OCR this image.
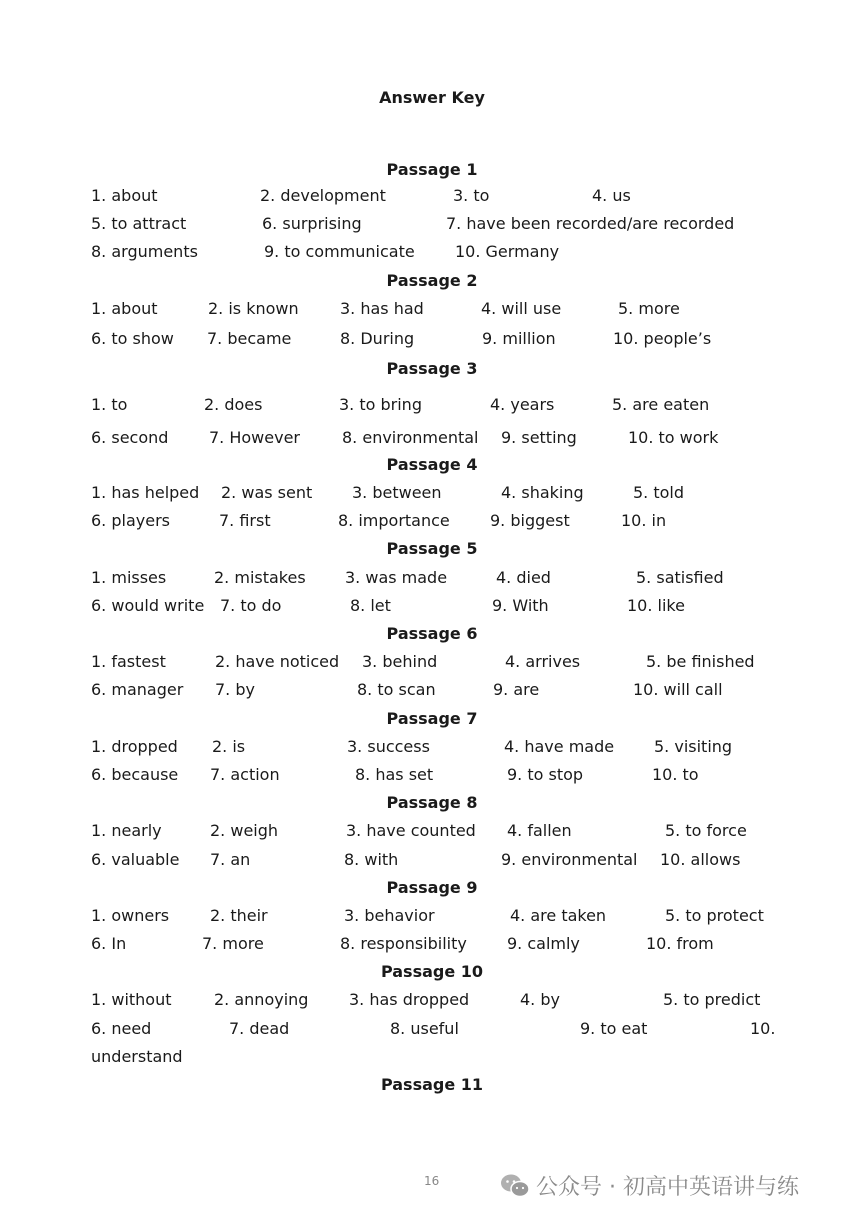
Answer Key
Passage 1
1. about	2. development	3. to	4. us
5. to attract	6. surprising	7. have been recorded/are recorded
8. arguments	9. to communicate	10. Germany
Passage 2
1. about	2. is known	3. has had	4. will use	5. more
6. to show 7. became	8. During	9. million	10. people’s
Passage 3
1. to	2. does	3. to bring	4. years	5. are eaten
6. second	7. However	8. environmental 9. setting	10. to work
Passage 4
1. has helped 2. was sent 3. between	4. shaking	5. told
6. players	7. first	8. importance	9. biggest	10. in
Passage 5
1. misses	2. mistakes 3. was made	4. died	5. satisfied
6. would write 7. to do	8. let	9. With	10. like
Passage 6
1. fastest	2. have noticed 3. behind	4. arrives	5. be finished
6. manager 7. by	8. to scan	9. are	10. will call
Passage 7
1. dropped 2. is	3. success	4. have made 5. visiting
6. because 7. action	8. has set	9. to stop	10. to
Passage 8
1. nearly	2. weigh	3. have counted 4. fallen	5. to force
6. valuable 7. an	8. with	9. environmental 10. allows
Passage 9
1. owners	2. their	3. behavior	4. are taken	5. to protect
6. In	7. more	8. responsibility	9. calmly	10. from
Passage 10
1. without	2. annoying	3. has dropped	4. by	5. to predict
6. need	7. dead	8. useful	9. to eat	10.
understand
Passage 11
16	公众号 · 初高中英语讲与练
